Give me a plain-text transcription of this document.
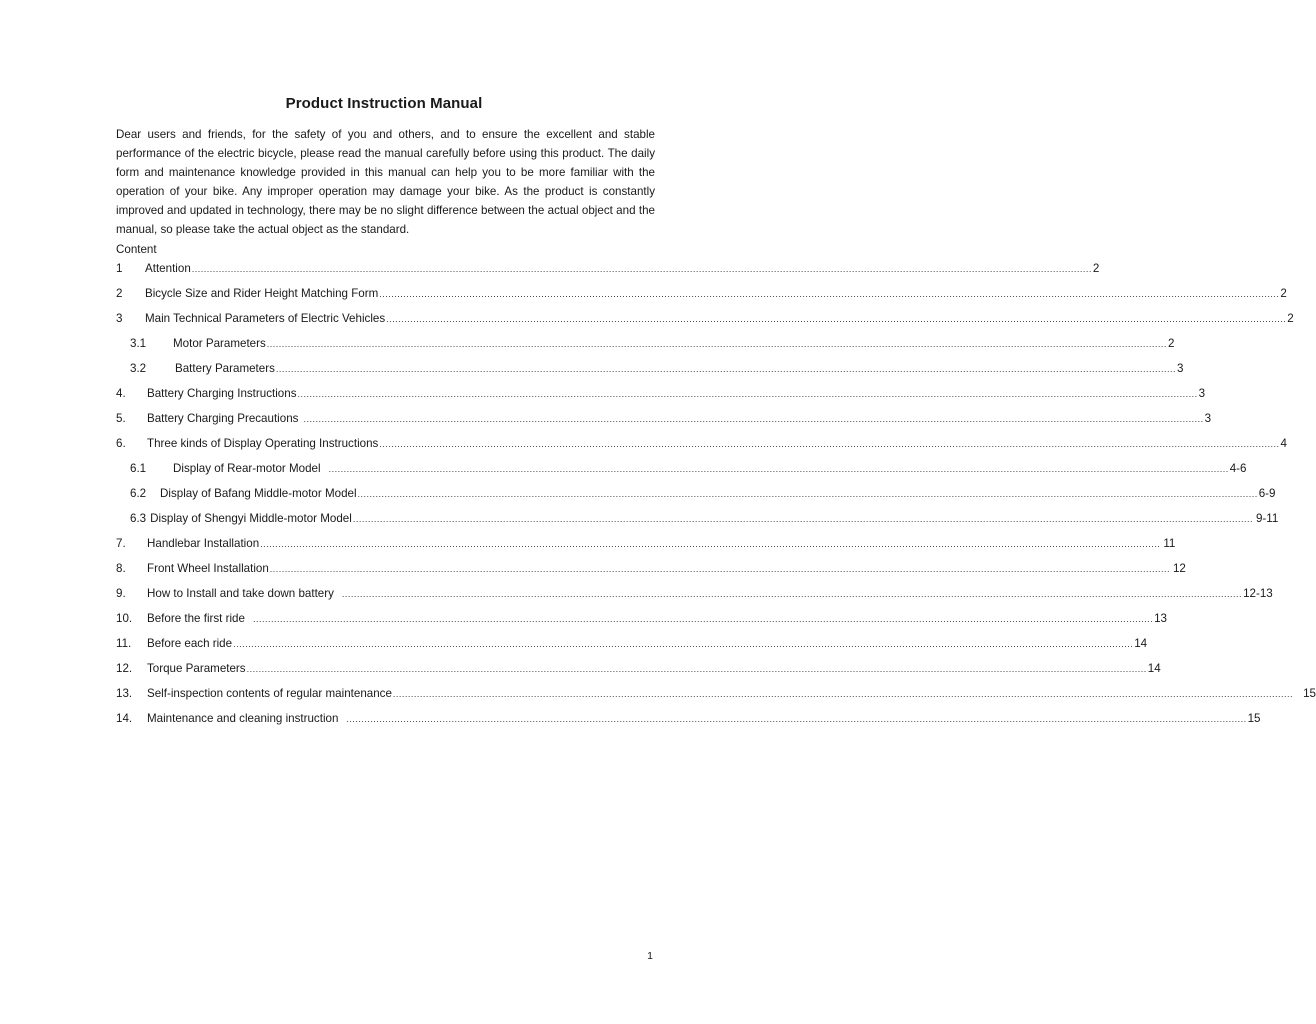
Product Instruction Manual
Dear users and friends, for the safety of you and others, and to ensure the excellent and stable performance of the electric bicycle, please read the manual carefully before using this product. The daily form and maintenance knowledge provided in this manual can help you to be more familiar with the operation of your bike. Any improper operation may damage your bike. As the product is constantly improved and updated in technology, there may be no slight difference between the actual object and the manual, so please take the actual object as the standard.
Content
1	Attention ............................................................................................................................................................................................................................................................................................................ 2
2	Bicycle Size and Rider Height Matching Form ............................................................................................................................................................................................................................................................................................................ 2
3	Main Technical Parameters of Electric Vehicles ............................................................................................................................................................................................................................................................................................................ 2
3.1	Motor Parameters ............................................................................................................................................................................................................................................................................................................ 2
3.2	Battery Parameters ............................................................................................................................................................................................................................................................................................................ 3
4.	Battery Charging Instructions ............................................................................................................................................................................................................................................................................................................ 3
5.	Battery Charging Precautions ............................................................................................................................................................................................................................................................................................................ 3
6.	Three kinds of Display Operating Instructions ............................................................................................................................................................................................................................................................................................................ 4
6.1	Display of Rear-motor Model ............................................................................................................................................................................................................................................................................................................ 4-6
6.2	Display of Bafang Middle-motor Model ............................................................................................................................................................................................................................................................................................................ 6-9
6.3 Display of Shengyi Middle-motor Model ............................................................................................................................................................................................................................................................................................................ 9-11
7.	Handlebar Installation ............................................................................................................................................................................................................................................................................................................ 11
8.	Front Wheel Installation ............................................................................................................................................................................................................................................................................................................ 12
9.	How to Install and take down battery ............................................................................................................................................................................................................................................................................................................ 12-13
10.	Before the first ride ............................................................................................................................................................................................................................................................................................................ 13
11.	Before each ride ............................................................................................................................................................................................................................................................................................................ 14
12.	Torque Parameters ............................................................................................................................................................................................................................................................................................................ 14
13.	Self-inspection contents of regular maintenance ............................................................................................................................................................................................................................................................................................................ 15
14.	Maintenance and cleaning instruction ............................................................................................................................................................................................................................................................................................................ 15
1
